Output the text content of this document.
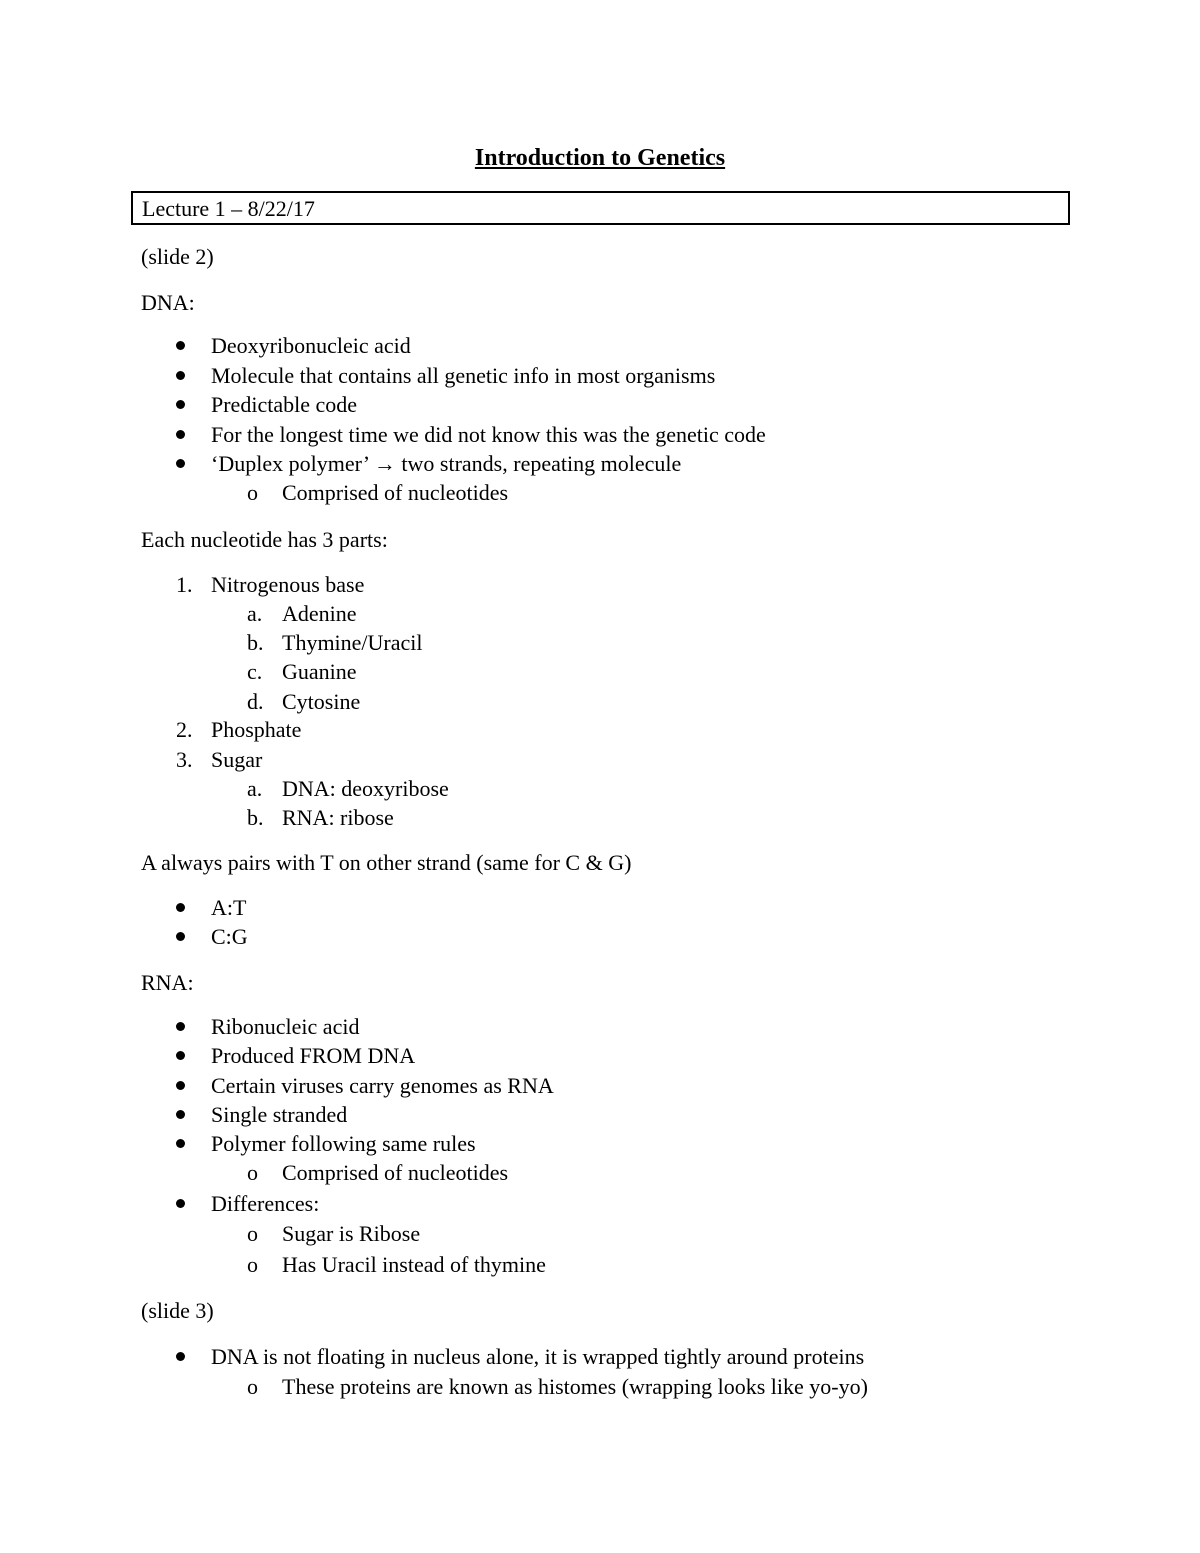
Introduction to Genetics
Lecture 1 – 8/22/17
(slide 2)
DNA:
Deoxyribonucleic acid
Molecule that contains all genetic info in most organisms
Predictable code
For the longest time we did not know this was the genetic code
‘Duplex polymer’ → two strands, repeating molecule
o Comprised of nucleotides
Each nucleotide has 3 parts:
1. Nitrogenous base
a. Adenine
b. Thymine/Uracil
c. Guanine
d. Cytosine
2. Phosphate
3. Sugar
a. DNA: deoxyribose
b. RNA: ribose
A always pairs with T on other strand (same for C & G)
A:T
C:G
RNA:
Ribonucleic acid
Produced FROM DNA
Certain viruses carry genomes as RNA
Single stranded
Polymer following same rules
o Comprised of nucleotides
Differences:
o Sugar is Ribose
o Has Uracil instead of thymine
(slide 3)
DNA is not floating in nucleus alone, it is wrapped tightly around proteins
o These proteins are known as histomes (wrapping looks like yo-yo)
